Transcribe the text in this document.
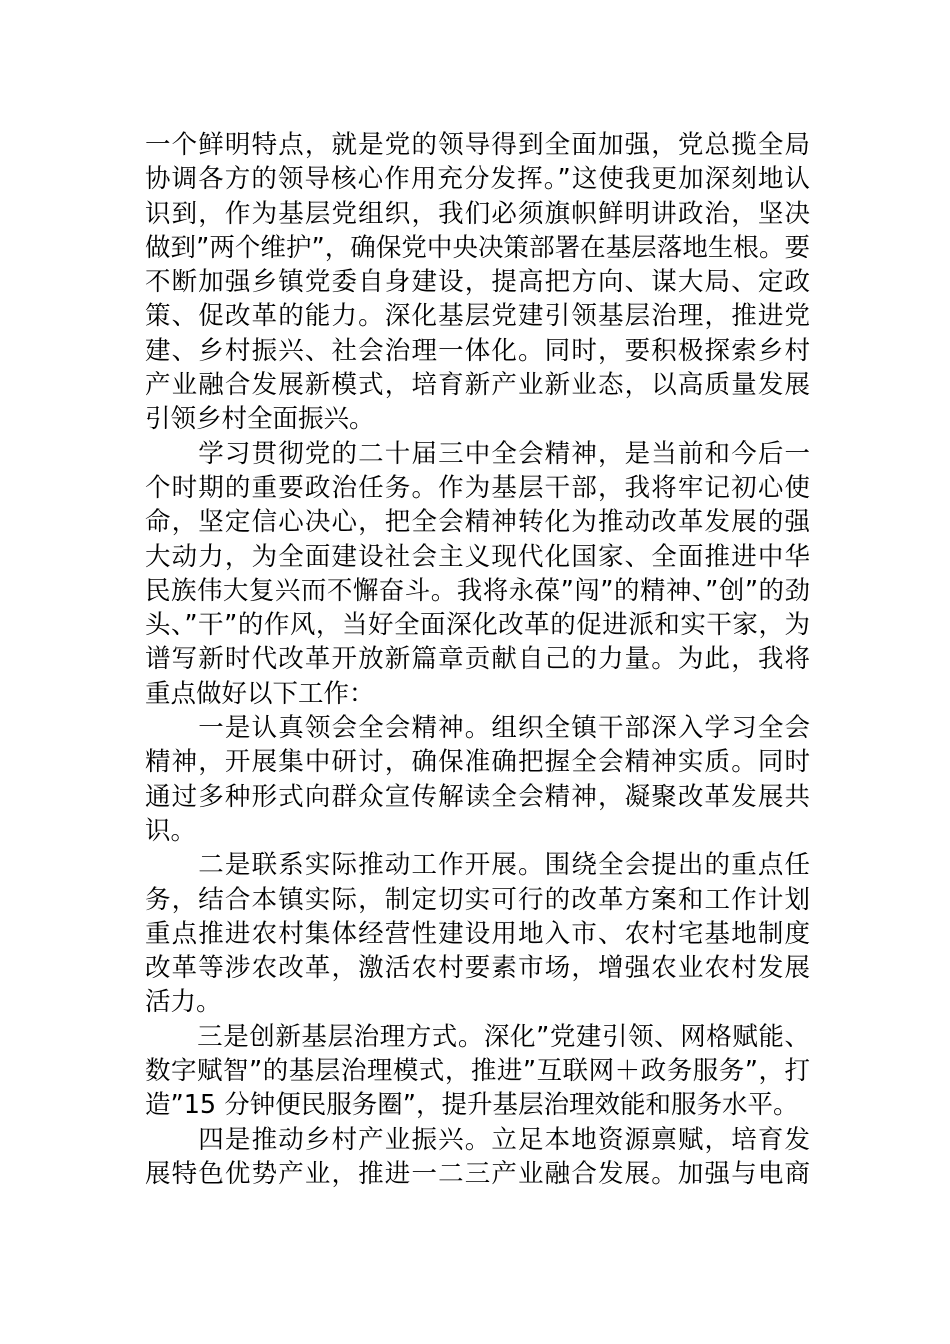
一个鲜明特点，就是党的领导得到全面加强，党总揽全局
协调各方的领导核心作用充分发挥。”这使我更加深刻地认
识到，作为基层党组织，我们必须旗帜鲜明讲政治，坚决
做到”两个维护”，确保党中央决策部署在基层落地生根。要
不断加强乡镇党委自身建设，提高把方向、谋大局、定政
策、促改革的能力。深化基层党建引领基层治理，推进党
建、乡村振兴、社会治理一体化。同时，要积极探索乡村
产业融合发展新模式，培育新产业新业态，以高质量发展
引领乡村全面振兴。
　　学习贯彻党的二十届三中全会精神，是当前和今后一
个时期的重要政治任务。作为基层干部，我将牢记初心使
命，坚定信心决心，把全会精神转化为推动改革发展的强
大动力，为全面建设社会主义现代化国家、全面推进中华
民族伟大复兴而不懈奋斗。我将永葆”闯”的精神、”创”的劲
头、”干”的作风，当好全面深化改革的促进派和实干家，为
谱写新时代改革开放新篇章贡献自己的力量。为此，我将
重点做好以下工作：
　　一是认真领会全会精神。组织全镇干部深入学习全会
精神，开展集中研讨，确保准确把握全会精神实质。同时
通过多种形式向群众宣传解读全会精神，凝聚改革发展共
识。
　　二是联系实际推动工作开展。围绕全会提出的重点任
务，结合本镇实际，制定切实可行的改革方案和工作计划
重点推进农村集体经营性建设用地入市、农村宅基地制度
改革等涉农改革，激活农村要素市场，增强农业农村发展
活力。
　　三是创新基层治理方式。深化”党建引领、网格赋能、
数字赋智”的基层治理模式，推进”互联网＋政务服务”，打
造”15 分钟便民服务圈”，提升基层治理效能和服务水平。
　　四是推动乡村产业振兴。立足本地资源禀赋，培育发
展特色优势产业，推进一二三产业融合发展。加强与电商
